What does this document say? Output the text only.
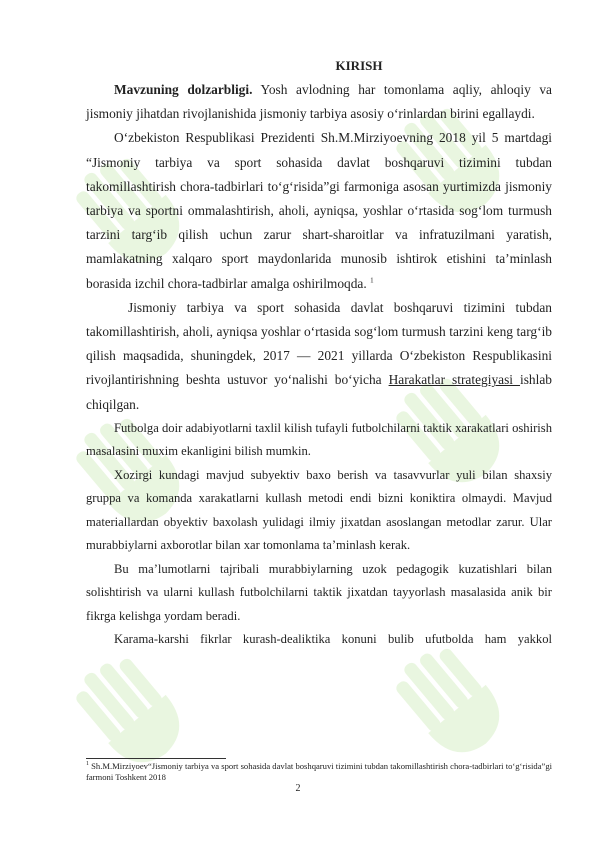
KIRISH

Mavzuning dolzarbligi. Yosh avlodning har tomonlama aqliy, ahloqiy va jismoniy jihatdan rivojlanishida jismoniy tarbiya asosiy o‘rinlardan birini egallaydi.

O‘zbekiston Respublikasi Prezidenti Sh.M.Mirziyoevning 2018 yil 5 martdagi “Jismoniy tarbiya va sport sohasida davlat boshqaruvi tizimini tubdan takomillashtirish chora-tadbirlari to‘g‘risida”gi farmoniga asosan yurtimizda jismoniy tarbiya va sportni ommalashtirish, aholi, ayniqsa, yoshlar o‘rtasida sog‘lom turmush tarzini targ‘ib qilish uchun zarur shart-sharoitlar va infratuzilmani yaratish, mamlakatning xalqaro sport maydonlarida munosib ishtirok etishini ta’minlash borasida izchil chora-tadbirlar amalga oshirilmoqda. $^1$

Jismoniy tarbiya va sport sohasida davlat boshqaruvi tizimini tubdan takomillashtirish, aholi, ayniqsa yoshlar o‘rtasida sog‘lom turmush tarzini keng targ‘ib qilish maqsadida, shuningdek, 2017 — 2021 yillarda O‘zbekiston Respublikasini rivojlantirishning beshta ustuvor yo‘nalishi bo‘yicha Harakatlar strategiyasi ishlab chiqilgan.

Futbolga doir adabiyotlarni taxlil kilish tufayli futbolchilarni taktik xarakatlari oshirish masalasini muxim ekanligini bilish mumkin.

Xozirgi kundagi mavjud subyektiv baxo berish va tasavvurlar yuli bilan shaxsiy gruppa va komanda xarakatlarni kullash metodi endi bizni koniktira olmaydi. Mavjud materiallardan obyektiv baxolash yulidagi ilmiy jixatdan asoslangan metodlar zarur. Ular murabbiylarni axborotlar bilan xar tomonlama ta’minlash kerak.

Bu ma’lumotlarni tajribali murabbiylarning uzok pedagogik kuzatishlari bilan solishtirish va ularni kullash futbolchilarni taktik jixatdan tayyorlash masalasida anik bir fikrga kelishga yordam beradi.

Karama-karshi fikrlar kurash-dealiktika konuni bulib ufutbolda ham yakkol

$^1$ Sh.M.Mirziyoev“Jismoniy tarbiya va sport sohasida davlat boshqaruvi tizimini tubdan takomillashtirish chora-tadbirlari to‘g‘risida”gi farmoni Toshkent 2018
2
